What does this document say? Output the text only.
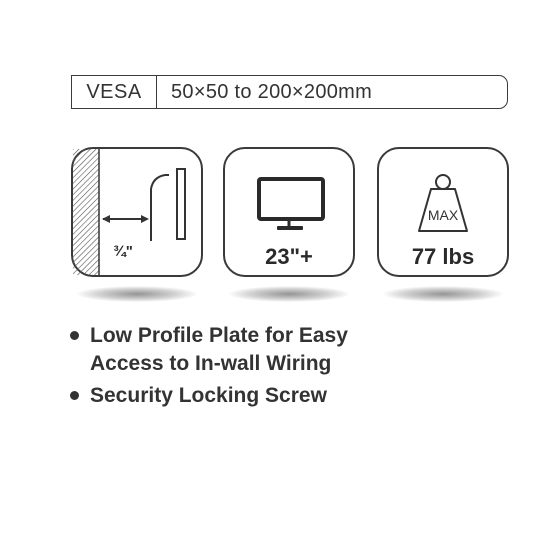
VESA	50×50 to 200×200mm
¾"	23"+
MAX
77 lbs
Low Profile Plate for Easy
Access to In-wall Wiring
Security Locking Screw
